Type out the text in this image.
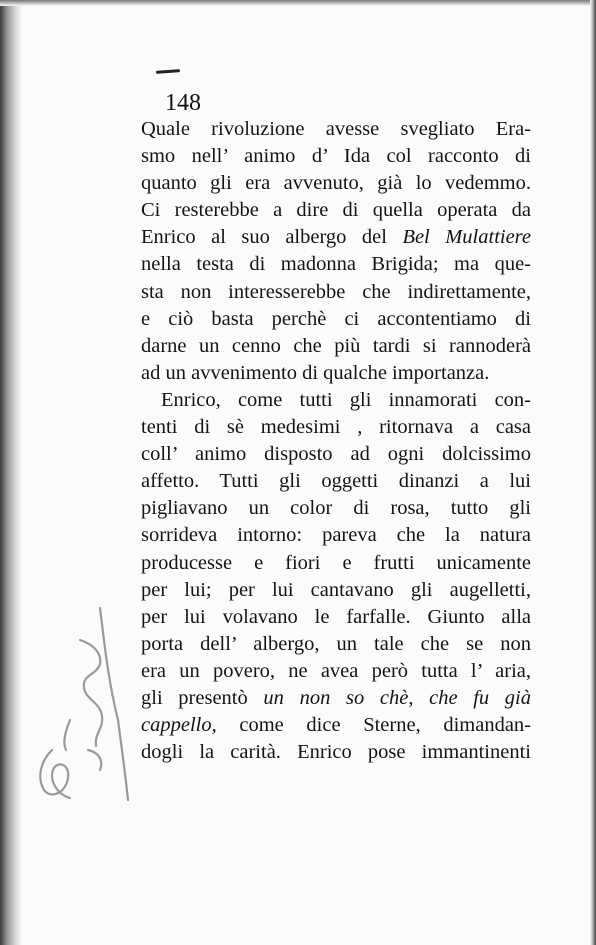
148
Quale rivoluzione avesse svegliato Era-
smo nell’ animo d’ Ida col racconto di
quanto gli era avvenuto, già lo vedemmo.
Ci resterebbe a dire di quella operata da
Enrico al suo albergo del Bel Mulattiere
nella testa di madonna Brigida; ma que-
sta non interesserebbe che indirettamente,
e ciò basta perchè ci accontentiamo di
darne un cenno che più tardi si rannoderà
ad un avvenimento di qualche importanza.
Enrico, come tutti gli innamorati con-
tenti di sè medesimi , ritornava a casa
coll’ animo disposto ad ogni dolcissimo
affetto. Tutti gli oggetti dinanzi a lui
pigliavano un color di rosa, tutto gli
sorrideva intorno: pareva che la natura
producesse e fiori e frutti unicamente
per lui; per lui cantavano gli augelletti,
per lui volavano le farfalle. Giunto alla
porta dell’ albergo, un tale che se non
era un povero, ne avea però tutta l’ aria,
gli presentò un non so chè, che fu già
cappello, come dice Sterne, dimandan-
dogli la carità. Enrico pose immantinenti
